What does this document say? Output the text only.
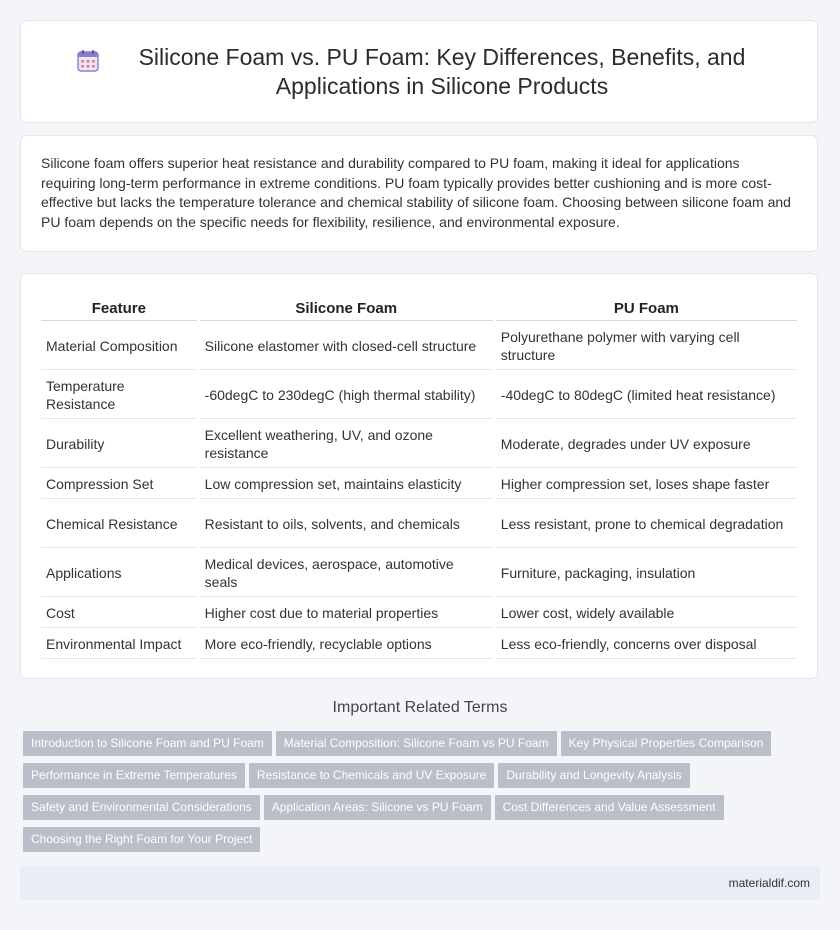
Silicone Foam vs. PU Foam: Key Differences, Benefits, and Applications in Silicone Products

Silicone foam offers superior heat resistance and durability compared to PU foam, making it ideal for applications requiring long-term performance in extreme conditions. PU foam typically provides better cushioning and is more cost-effective but lacks the temperature tolerance and chemical stability of silicone foam. Choosing between silicone foam and PU foam depends on the specific needs for flexibility, resilience, and environmental exposure.

Feature	Silicone Foam	PU Foam
Material Composition	Silicone elastomer with closed-cell structure	Polyurethane polymer with varying cell structure
Temperature Resistance	-60degC to 230degC (high thermal stability)	-40degC to 80degC (limited heat resistance)
Durability	Excellent weathering, UV, and ozone resistance	Moderate, degrades under UV exposure
Compression Set	Low compression set, maintains elasticity	Higher compression set, loses shape faster
Chemical Resistance	Resistant to oils, solvents, and chemicals	Less resistant, prone to chemical degradation
Applications	Medical devices, aerospace, automotive seals	Furniture, packaging, insulation
Cost	Higher cost due to material properties	Lower cost, widely available
Environmental Impact	More eco-friendly, recyclable options	Less eco-friendly, concerns over disposal
Important Related Terms
Introduction to Silicone Foam and PU Foam Material Composition: Silicone Foam vs PU Foam Key Physical Properties Comparison
Performance in Extreme Temperatures Resistance to Chemicals and UV Exposure Durability and Longevity Analysis
Safety and Environmental Considerations Application Areas: Silicone vs PU Foam Cost Differences and Value Assessment
Choosing the Right Foam for Your Project
materialdif.com
